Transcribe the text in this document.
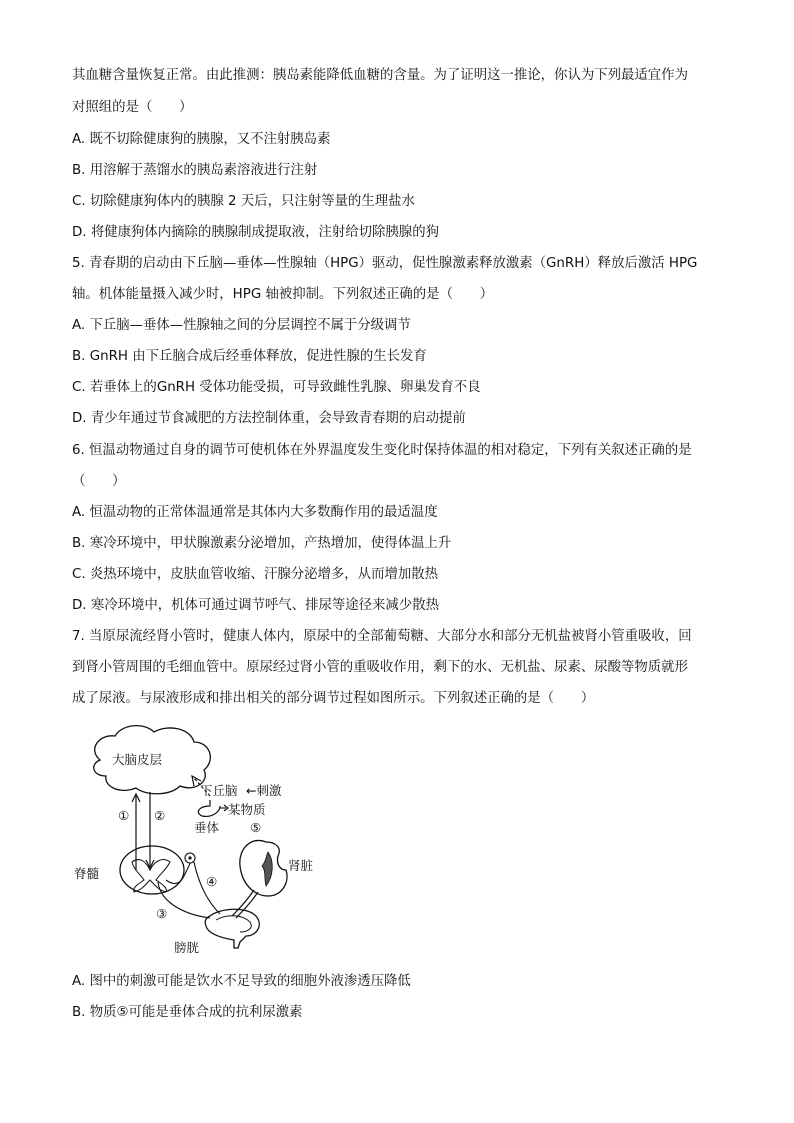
其血糖含量恢复正常。由此推测：胰岛素能降低血糖的含量。为了证明这一推论，你认为下列最适宜作为
对照组的是（　　）
A. 既不切除健康狗的胰腺，又不注射胰岛素
B. 用溶解于蒸馏水的胰岛素溶液进行注射
C. 切除健康狗体内的胰腺 2 天后，只注射等量的生理盐水
D. 将健康狗体内摘除的胰腺制成提取液，注射给切除胰腺的狗
5. 青春期的启动由下丘脑—垂体—性腺轴（HPG）驱动，促性腺激素释放激素（GnRH）释放后激活 HPG
轴。机体能量摄入减少时，HPG 轴被抑制。下列叙述正确的是（　　）
A. 下丘脑—垂体—性腺轴之间的分层调控不属于分级调节
B. GnRH 由下丘脑合成后经垂体释放，促进性腺的生长发育
C. 若垂体上的GnRH 受体功能受损，可导致雌性乳腺、卵巢发育不良
D. 青少年通过节食减肥的方法控制体重，会导致青春期的启动提前
6. 恒温动物通过自身的调节可使机体在外界温度发生变化时保持体温的相对稳定，下列有关叙述正确的是
（　　）
A. 恒温动物的正常体温通常是其体内大多数酶作用的最适温度
B. 寒冷环境中，甲状腺激素分泌增加，产热增加，使得体温上升
C. 炎热环境中，皮肤血管收缩、汗腺分泌增多，从而增加散热
D. 寒冷环境中，机体可通过调节呼气、排尿等途径来减少散热
7. 当原尿流经肾小管时，健康人体内，原尿中的全部葡萄糖、大部分水和部分无机盐被肾小管重吸收，回
到肾小管周围的毛细血管中。原尿经过肾小管的重吸收作用，剩下的水、无机盐、尿素、尿酸等物质就形
成了尿液。与尿液形成和排出相关的部分调节过程如图所示。下列叙述正确的是（　　）
大脑皮层
① ②
下丘脑 ←刺激
某物质
垂体 ⑤
脊髓
③
④
肾脏
膀胱
A. 图中的刺激可能是饮水不足导致的细胞外液渗透压降低
B. 物质⑤可能是垂体合成的抗利尿激素
